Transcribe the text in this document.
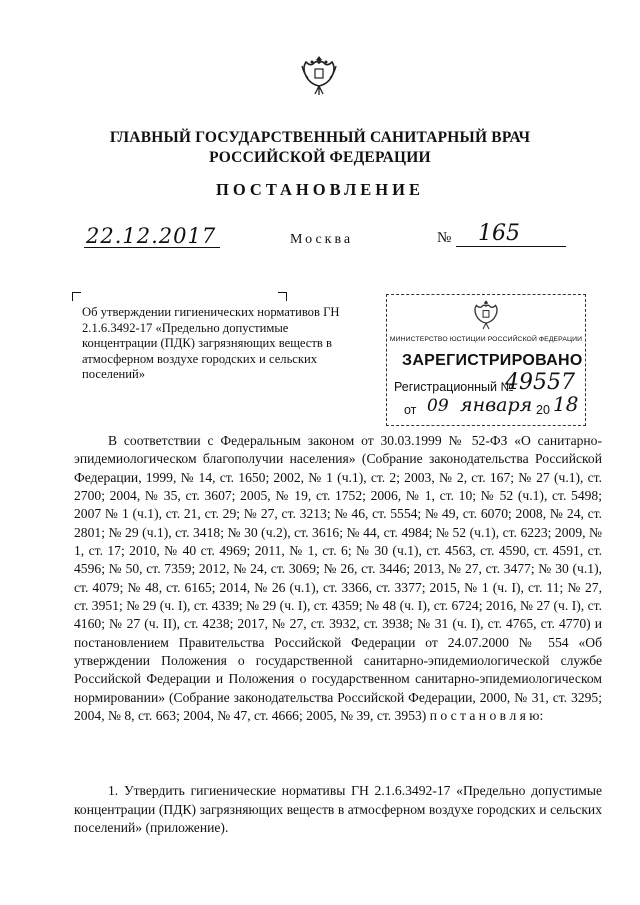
ГЛАВНЫЙ ГОСУДАРСТВЕННЫЙ САНИТАРНЫЙ ВРАЧ
РОССИЙСКОЙ ФЕДЕРАЦИИ
ПОСТАНОВЛЕНИЕ
22.12.2017	Москва	№	165
Об утверждении гигиенических нормативов ГН 2.1.6.3492-17 «Предельно допустимые концентрации (ПДК) загрязняющих веществ в атмосферном воздухе городских и сельских поселений»
МИНИСТЕРСТВО ЮСТИЦИИ РОССИЙСКОЙ ФЕДЕРАЦИИ
ЗАРЕГИСТРИРОВАНО
Регистрационный №
49557
от 09 января 20 18

В соответствии с Федеральным законом от 30.03.1999 № 52-ФЗ «О санитарно-эпидемиологическом благополучии населения» (Собрание законодательства Российской Федерации, 1999, № 14, ст. 1650; 2002, № 1 (ч.1), ст. 2; 2003, № 2, ст. 167; № 27 (ч.1), ст. 2700; 2004, № 35, ст. 3607; 2005, № 19, ст. 1752; 2006, № 1, ст. 10; № 52 (ч.1), ст. 5498; 2007 № 1 (ч.1), ст. 21, ст. 29; № 27, ст. 3213; № 46, ст. 5554; № 49, ст. 6070; 2008, № 24, ст. 2801; № 29 (ч.1), ст. 3418; № 30 (ч.2), ст. 3616; № 44, ст. 4984; № 52 (ч.1), ст. 6223; 2009, № 1, ст. 17; 2010, № 40 ст. 4969; 2011, № 1, ст. 6; № 30 (ч.1), ст. 4563, ст. 4590, ст. 4591, ст. 4596; № 50, ст. 7359; 2012, № 24, ст. 3069; № 26, ст. 3446; 2013, № 27, ст. 3477; № 30 (ч.1), ст. 4079; № 48, ст. 6165; 2014, № 26 (ч.1), ст. 3366, ст. 3377; 2015, № 1 (ч. I), ст. 11; № 27, ст. 3951; № 29 (ч. I), ст. 4339; № 29 (ч. I), ст. 4359; № 48 (ч. I), ст. 6724; 2016, № 27 (ч. I), ст. 4160; № 27 (ч. II), ст. 4238; 2017, № 27, ст. 3932, ст. 3938; № 31 (ч. I), ст. 4765, ст. 4770) и постановлением Правительства Российской Федерации от 24.07.2000 № 554 «Об утверждении Положения о государственной санитарно-эпидемиологической службе Российской Федерации и Положения о государственном санитарно-эпидемиологическом нормировании» (Собрание законодательства Российской Федерации, 2000, № 31, ст. 3295; 2004, № 8, ст. 663; 2004, № 47, ст. 4666; 2005, № 39, ст. 3953) п о с т а н о в л я ю:

1. Утвердить гигиенические нормативы ГН 2.1.6.3492-17 «Предельно допустимые концентрации (ПДК) загрязняющих веществ в атмосферном воздухе городских и сельских поселений» (приложение).
